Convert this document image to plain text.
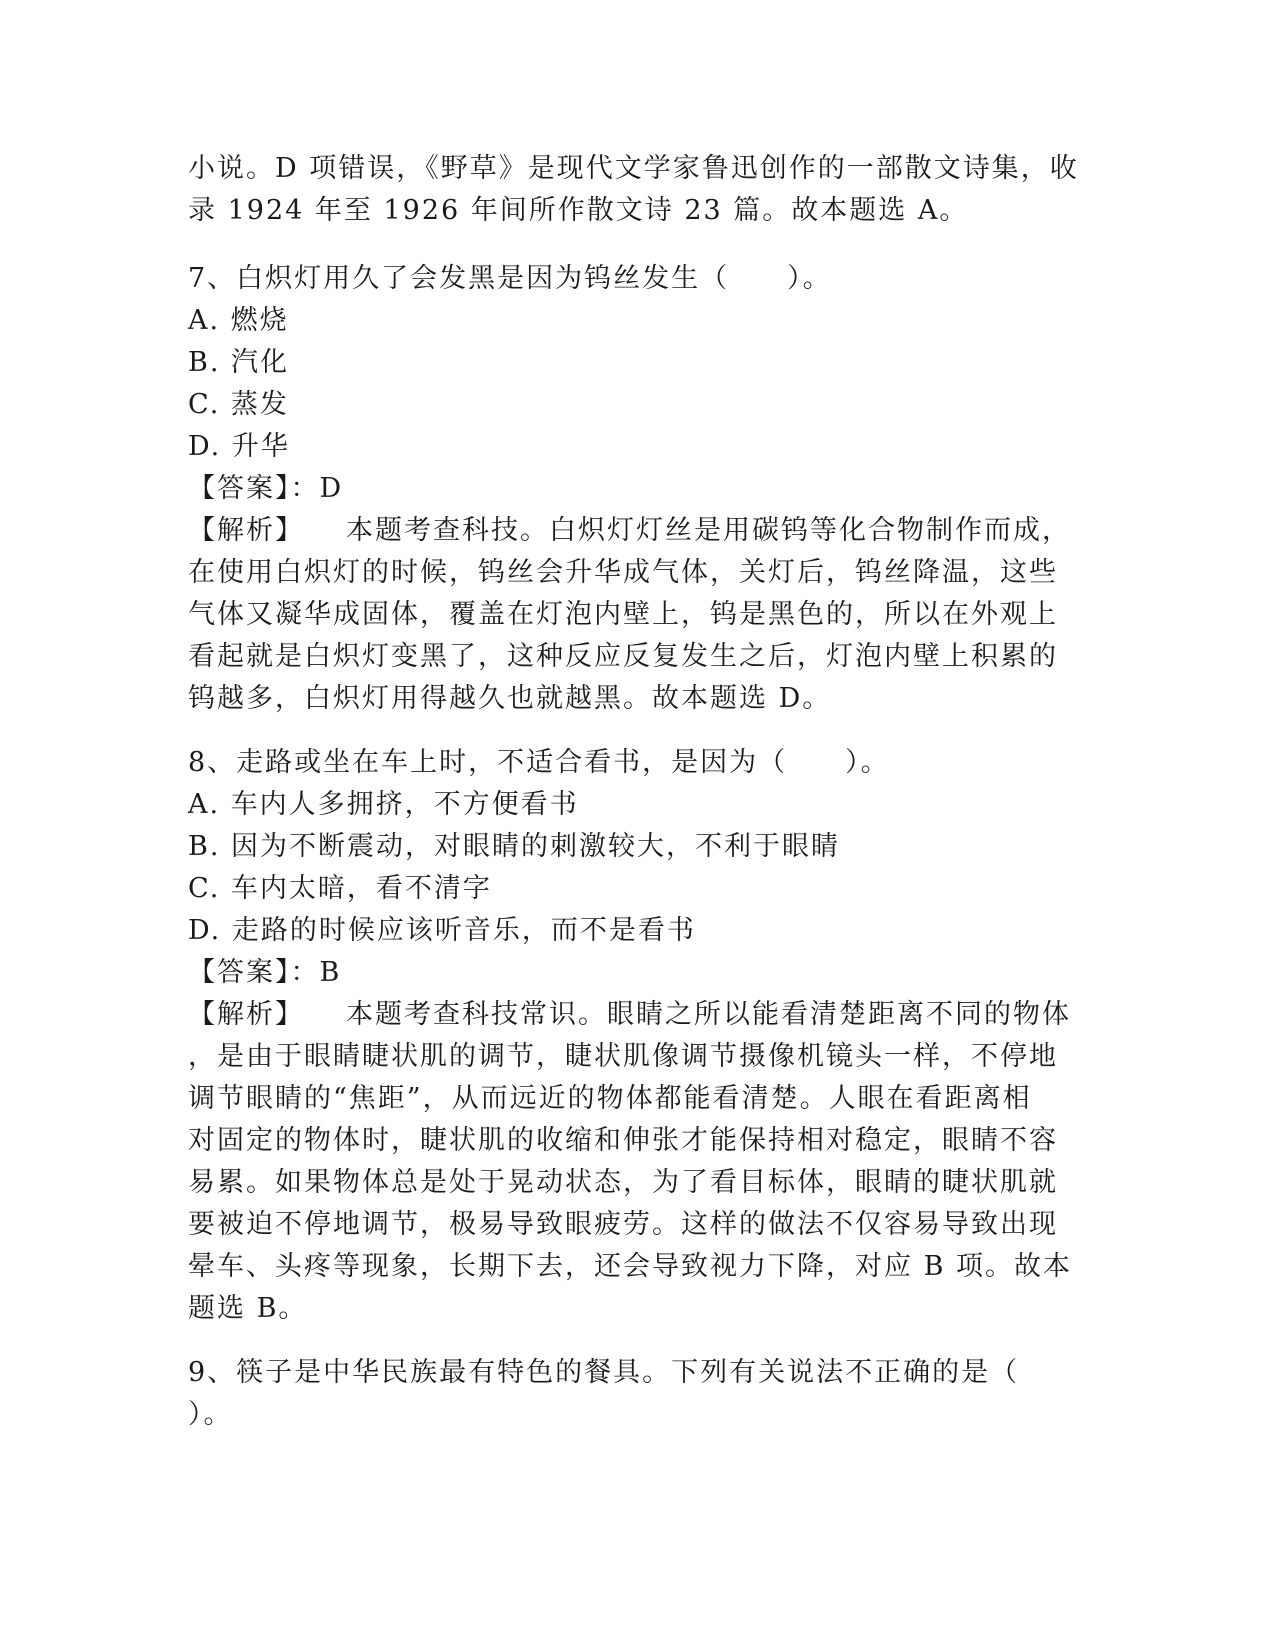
小说。D 项错误，《野草》是现代文学家鲁迅创作的一部散文诗集，收
录 1924 年至 1926 年间所作散文诗 23 篇。故本题选 A。
7、白炽灯用久了会发黑是因为钨丝发生（　　）。
A. 燃烧
B. 汽化
C. 蒸发
D. 升华
【答案】：D
【解析】 本题考查科技。白炽灯灯丝是用碳钨等化合物制作而成，
在使用白炽灯的时候，钨丝会升华成气体，关灯后，钨丝降温，这些
气体又凝华成固体，覆盖在灯泡内壁上，钨是黑色的，所以在外观上
看起就是白炽灯变黑了，这种反应反复发生之后，灯泡内壁上积累的
钨越多，白炽灯用得越久也就越黑。故本题选 D。
8、走路或坐在车上时，不适合看书，是因为（　　）。
A. 车内人多拥挤，不方便看书
B. 因为不断震动，对眼睛的刺激较大，不利于眼睛
C. 车内太暗，看不清字
D. 走路的时候应该听音乐，而不是看书
【答案】：B
【解析】 本题考查科技常识。眼睛之所以能看清楚距离不同的物体
，是由于眼睛睫状肌的调节，睫状肌像调节摄像机镜头一样，不停地
调节眼睛的“焦距”，从而远近的物体都能看清楚。人眼在看距离相
对固定的物体时，睫状肌的收缩和伸张才能保持相对稳定，眼睛不容
易累。如果物体总是处于晃动状态，为了看目标体，眼睛的睫状肌就
要被迫不停地调节，极易导致眼疲劳。这样的做法不仅容易导致出现
晕车、头疼等现象，长期下去，还会导致视力下降，对应 B 项。故本
题选 B。
9、筷子是中华民族最有特色的餐具。下列有关说法不正确的是（
）。
